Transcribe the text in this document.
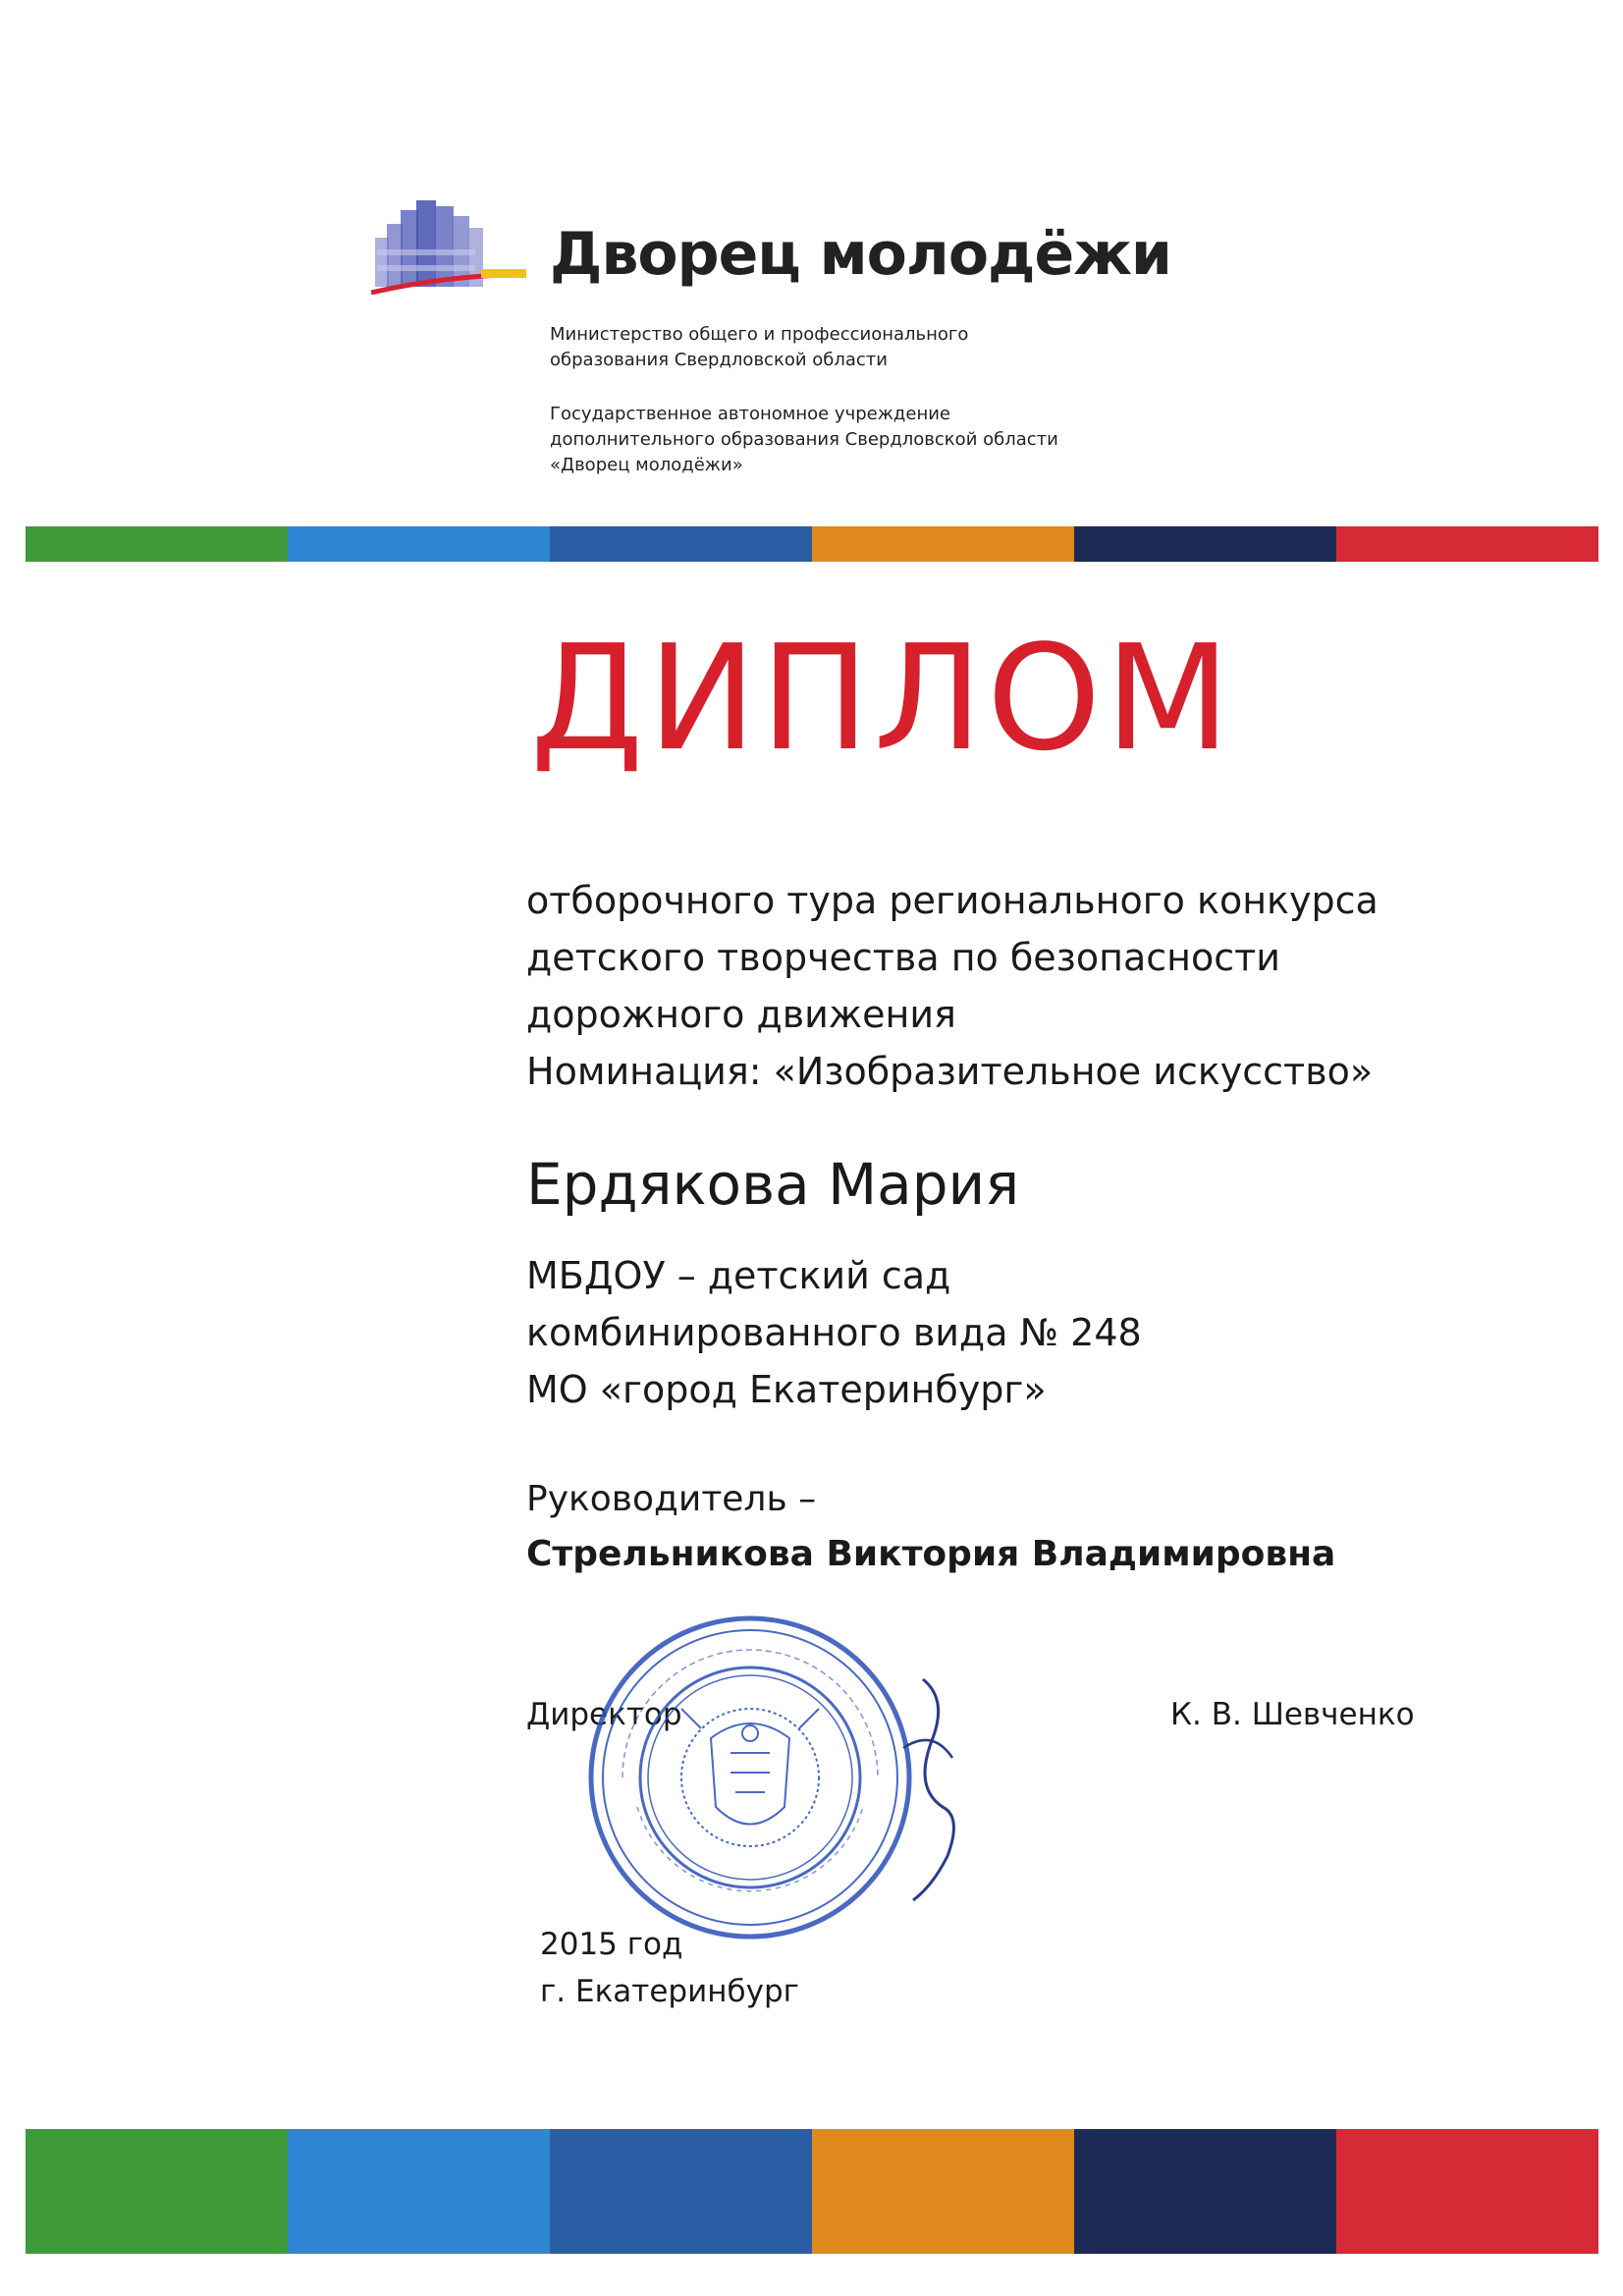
Дворец молодёжи
Министерство общего и профессионального
образования Свердловской области
Государственное автономное учреждение
дополнительного образования Свердловской области
«Дворец молодёжи»
ДИПЛОМ
отборочного тура регионального конкурса
детского творчества по безопасности
дорожного движения
Номинация: «Изобразительное искусство»
Ердякова Мария
МБДОУ – детский сад
комбинированного вида № 248
МО «город Екатеринбург»
Руководитель –
Стрельникова Виктория Владимировна
Директор	К. В. Шевченко
2015 год
г. Екатеринбург
